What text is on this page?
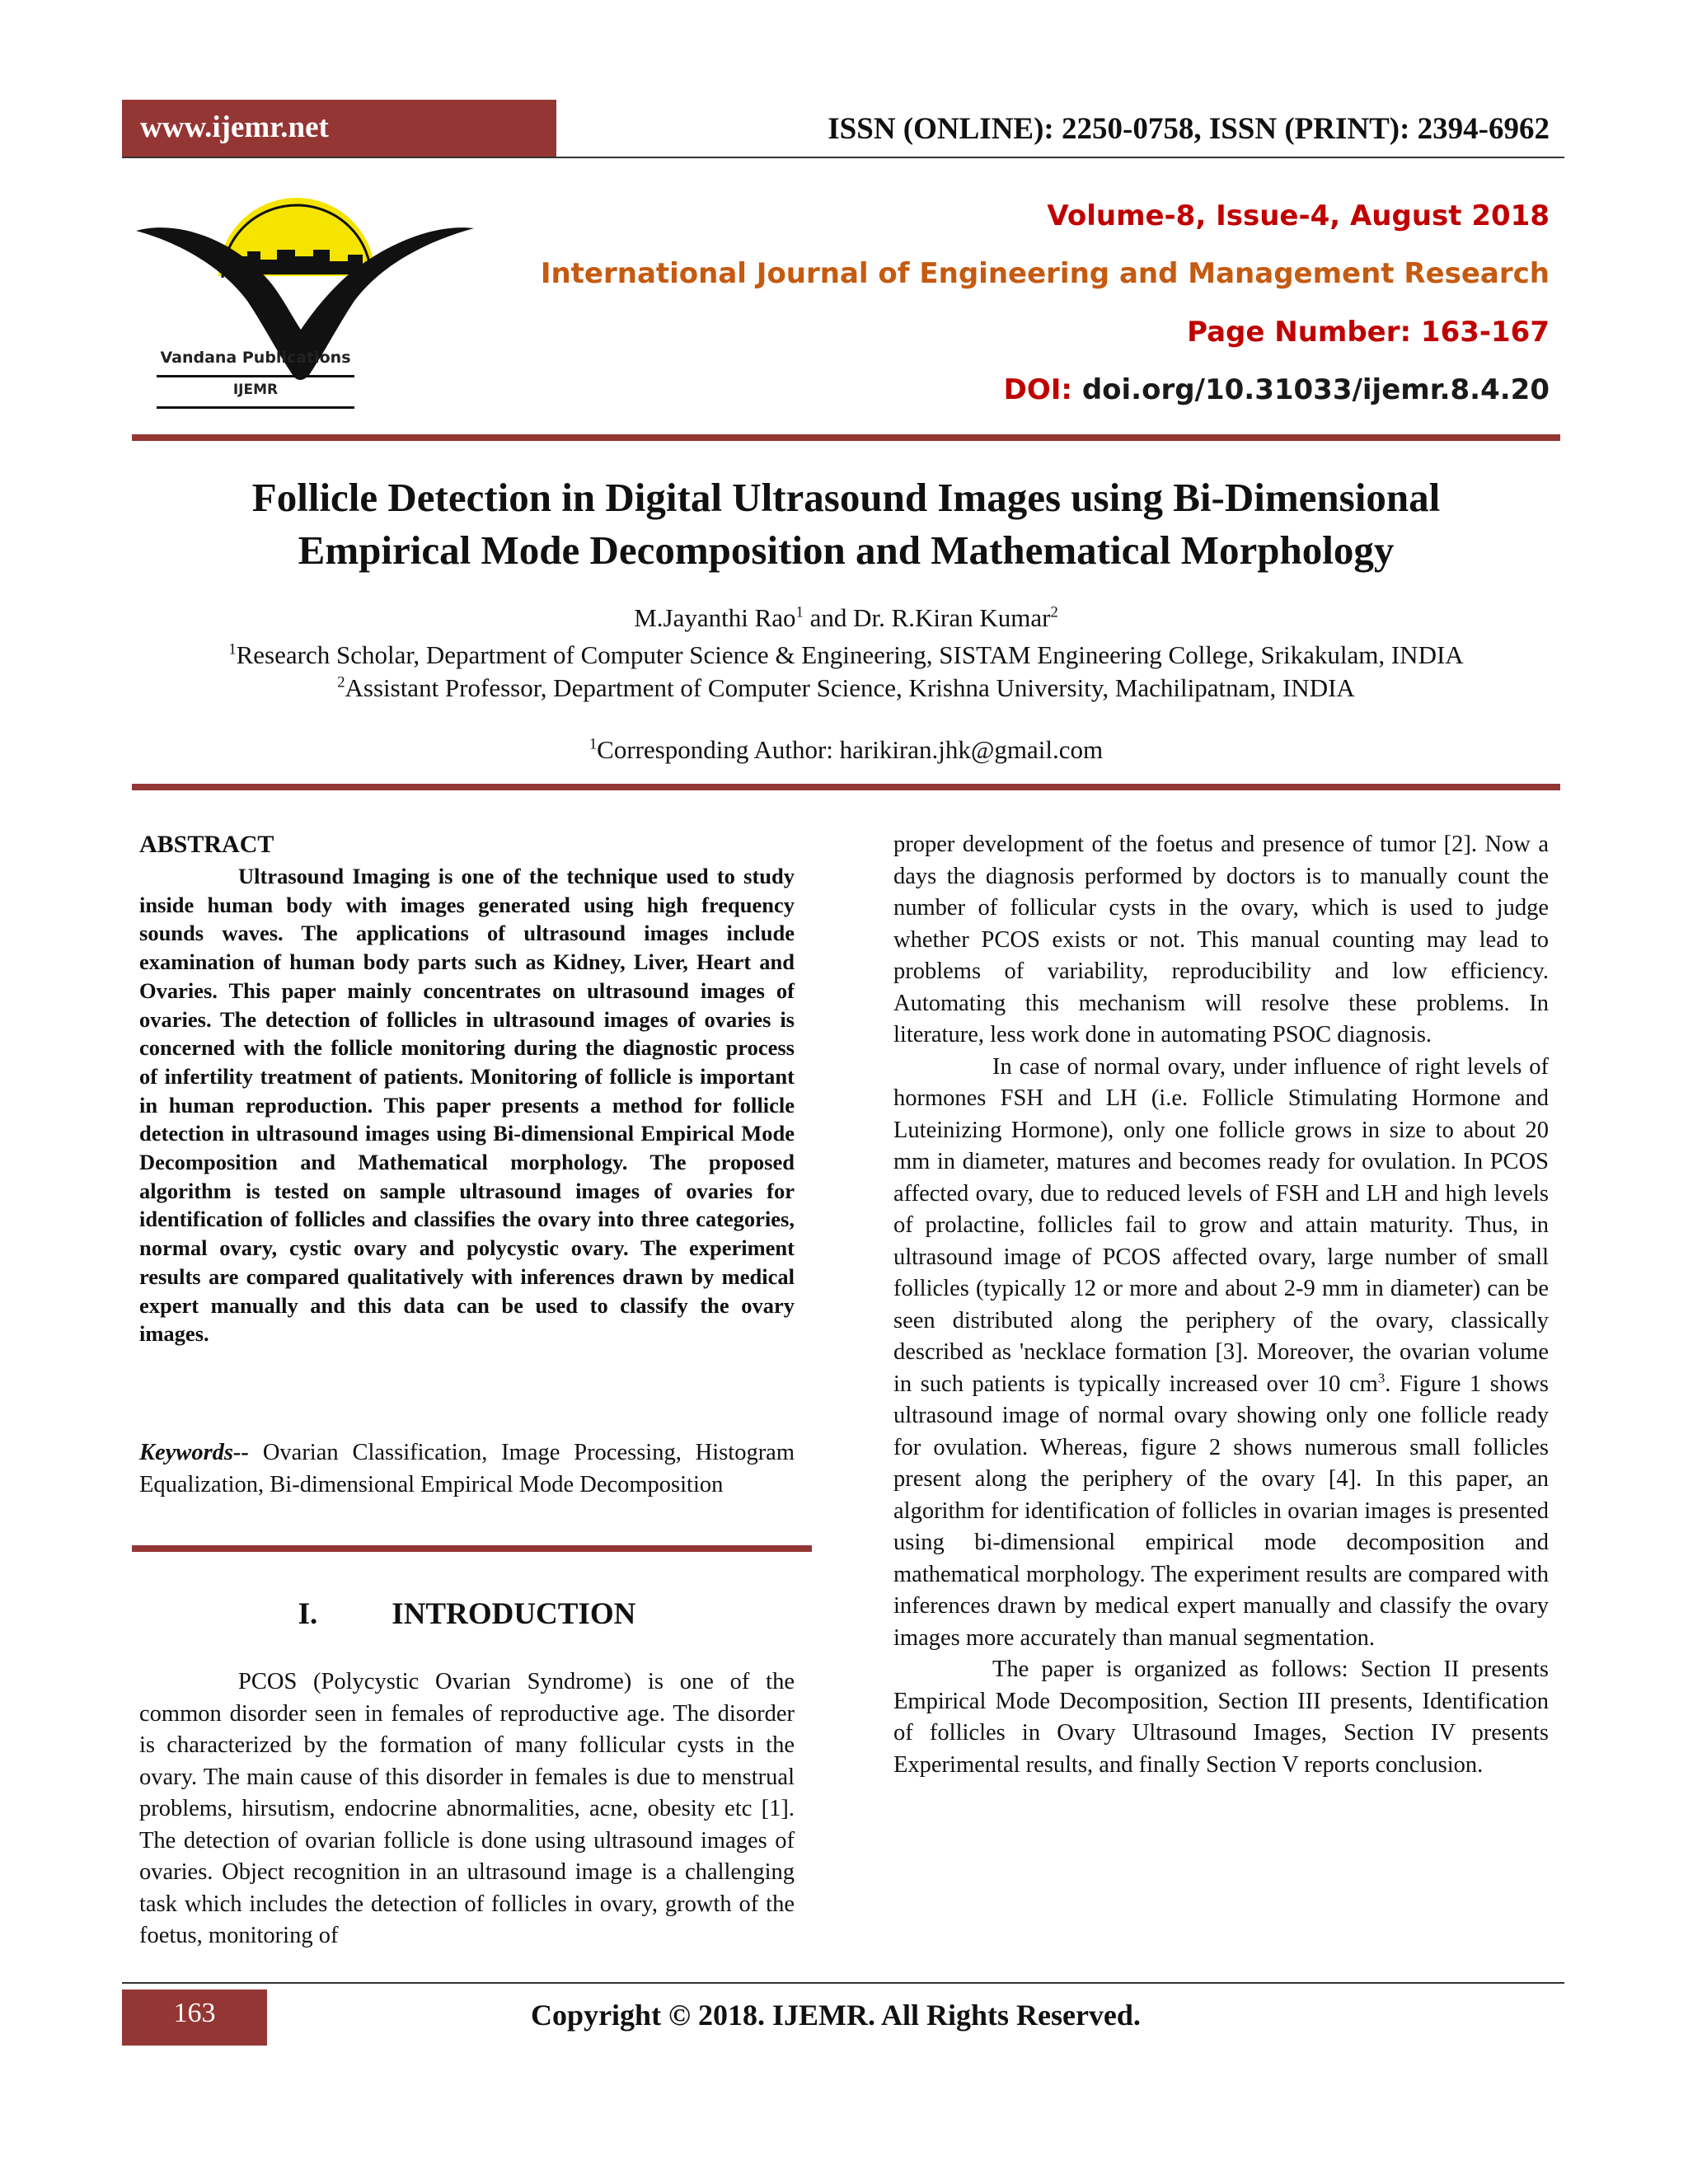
www.ijemr.net	ISSN (ONLINE): 2250-0758, ISSN (PRINT): 2394-6962
Vandana Publications
IJEMR
Volume-8, Issue-4, August 2018
International Journal of Engineering and Management Research
Page Number: 163-167
DOI: doi.org/10.31033/ijemr.8.4.20
Follicle Detection in Digital Ultrasound Images using Bi-Dimensional
Empirical Mode Decomposition and Mathematical Morphology
M.Jayanthi Rao$^1$ and Dr. R.Kiran Kumar$^2$
$^1$Research Scholar, Department of Computer Science & Engineering, SISTAM Engineering College, Srikakulam, INDIA
$^2$Assistant Professor, Department of Computer Science, Krishna University, Machilipatnam, INDIA
$^1$Corresponding Author: harikiran.jhk@gmail.com
ABSTRACT

Ultrasound Imaging is one of the technique used to study inside human body with images generated using high frequency sounds waves. The applications of ultrasound images include examination of human body parts such as Kidney, Liver, Heart and Ovaries. This paper mainly concentrates on ultrasound images of ovaries. The detection of follicles in ultrasound images of ovaries is concerned with the follicle monitoring during the diagnostic process of infertility treatment of patients. Monitoring of follicle is important in human reproduction. This paper presents a method for follicle detection in ultrasound images using Bi-dimensional Empirical Mode Decomposition and Mathematical morphology. The proposed algorithm is tested on sample ultrasound images of ovaries for identification of follicles and classifies the ovary into three categories, normal ovary, cystic ovary and polycystic ovary. The experiment results are compared qualitatively with inferences drawn by medical expert manually and this data can be used to classify the ovary images.

Keywords-- Ovarian Classification, Image Processing, Histogram Equalization, Bi-dimensional Empirical Mode Decomposition

I. INTRODUCTION

PCOS (Polycystic Ovarian Syndrome) is one of the common disorder seen in females of reproductive age. The disorder is characterized by the formation of many follicular cysts in the ovary. The main cause of this disorder in females is due to menstrual problems, hirsutism, endocrine abnormalities, acne, obesity etc [1]. The detection of ovarian follicle is done using ultrasound images of ovaries. Object recognition in an ultrasound image is a challenging task which includes the detection of follicles in ovary, growth of the foetus, monitoring of

proper development of the foetus and presence of tumor [2]. Now a days the diagnosis performed by doctors is to manually count the number of follicular cysts in the ovary, which is used to judge whether PCOS exists or not. This manual counting may lead to problems of variability, reproducibility and low efficiency. Automating this mechanism will resolve these problems. In literature, less work done in automating PSOC diagnosis.

In case of normal ovary, under influence of right levels of hormones FSH and LH (i.e. Follicle Stimulating Hormone and Luteinizing Hormone), only one follicle grows in size to about 20 mm in diameter, matures and becomes ready for ovulation. In PCOS affected ovary, due to reduced levels of FSH and LH and high levels of prolactine, follicles fail to grow and attain maturity. Thus, in ultrasound image of PCOS affected ovary, large number of small follicles (typically 12 or more and about 2-9 mm in diameter) can be seen distributed along the periphery of the ovary, classically described as 'necklace formation [3]. Moreover, the ovarian volume in such patients is typically increased over 10 $cm^3$. Figure 1 shows ultrasound image of normal ovary showing only one follicle ready for ovulation. Whereas, figure 2 shows numerous small follicles present along the periphery of the ovary [4]. In this paper, an algorithm for identification of follicles in ovarian images is presented using bi-dimensional empirical mode decomposition and mathematical morphology. The experiment results are compared with inferences drawn by medical expert manually and classify the ovary images more accurately than manual segmentation.

The paper is organized as follows: Section II presents Empirical Mode Decomposition, Section III presents, Identification of follicles in Ovary Ultrasound Images, Section IV presents Experimental results, and finally Section V reports conclusion.

163	Copyright © 2018. IJEMR. All Rights Reserved.
